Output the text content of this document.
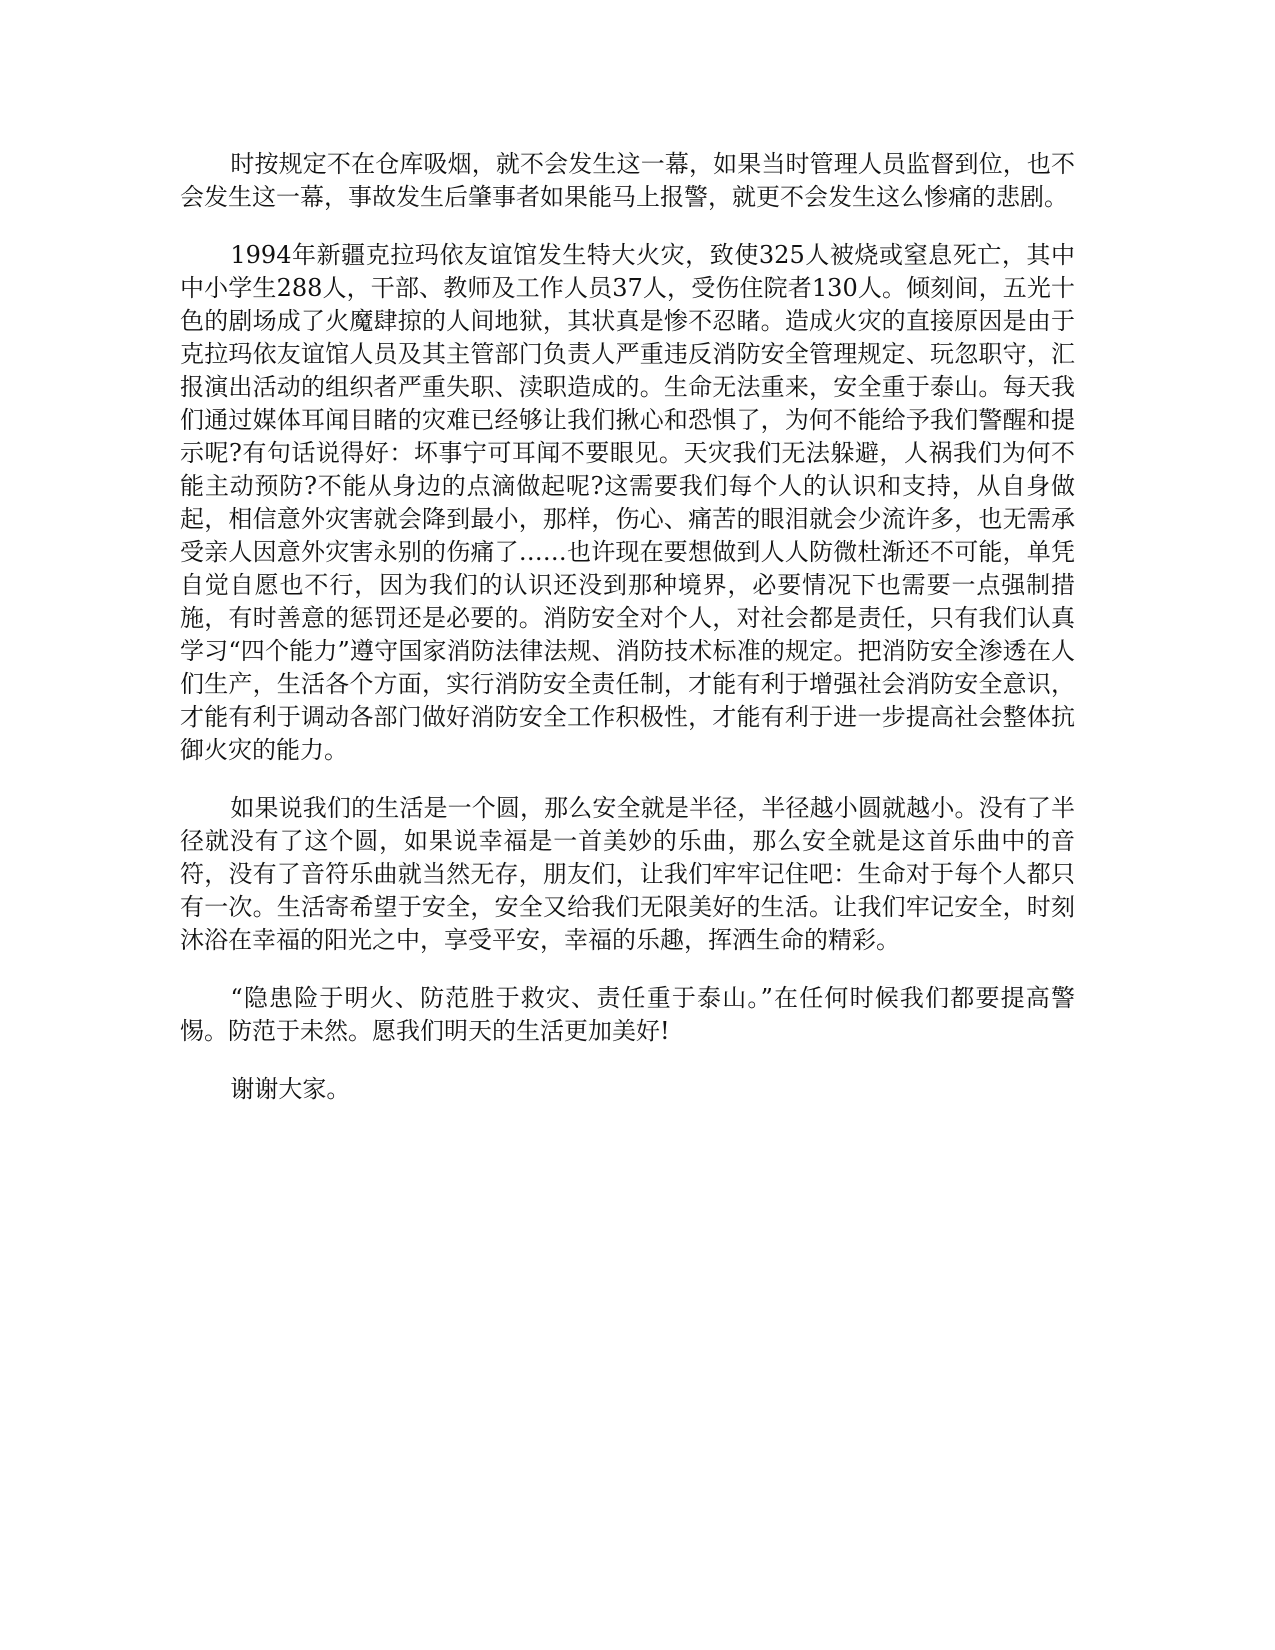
时按规定不在仓库吸烟，就不会发生这一幕，如果当时管理人员监督到位，也不会发生这一幕，事故发生后肇事者如果能马上报警，就更不会发生这么惨痛的悲剧。

1994年新疆克拉玛依友谊馆发生特大火灾，致使325人被烧或窒息死亡，其中中小学生288人，干部、教师及工作人员37人，受伤住院者130人。倾刻间，五光十色的剧场成了火魔肆掠的人间地狱，其状真是惨不忍睹。造成火灾的直接原因是由于克拉玛依友谊馆人员及其主管部门负责人严重违反消防安全管理规定、玩忽职守，汇报演出活动的组织者严重失职、渎职造成的。生命无法重来，安全重于泰山。每天我们通过媒体耳闻目睹的灾难已经够让我们揪心和恐惧了，为何不能给予我们警醒和提示呢?有句话说得好：坏事宁可耳闻不要眼见。天灾我们无法躲避，人祸我们为何不能主动预防?不能从身边的点滴做起呢?这需要我们每个人的认识和支持，从自身做起，相信意外灾害就会降到最小，那样，伤心、痛苦的眼泪就会少流许多，也无需承受亲人因意外灾害永别的伤痛了……也许现在要想做到人人防微杜渐还不可能，单凭自觉自愿也不行，因为我们的认识还没到那种境界，必要情况下也需要一点强制措施，有时善意的惩罚还是必要的。消防安全对个人，对社会都是责任，只有我们认真学习“四个能力”遵守国家消防法律法规、消防技术标准的规定。把消防安全渗透在人们生产，生活各个方面，实行消防安全责任制，才能有利于增强社会消防安全意识，才能有利于调动各部门做好消防安全工作积极性，才能有利于进一步提高社会整体抗御火灾的能力。

如果说我们的生活是一个圆，那么安全就是半径，半径越小圆就越小。没有了半径就没有了这个圆，如果说幸福是一首美妙的乐曲，那么安全就是这首乐曲中的音符，没有了音符乐曲就当然无存，朋友们，让我们牢牢记住吧：生命对于每个人都只有一次。生活寄希望于安全，安全又给我们无限美好的生活。让我们牢记安全，时刻沐浴在幸福的阳光之中，享受平安，幸福的乐趣，挥洒生命的精彩。

“隐患险于明火、防范胜于救灾、责任重于泰山。”在任何时候我们都要提高警惕。防范于未然。愿我们明天的生活更加美好!

谢谢大家。
